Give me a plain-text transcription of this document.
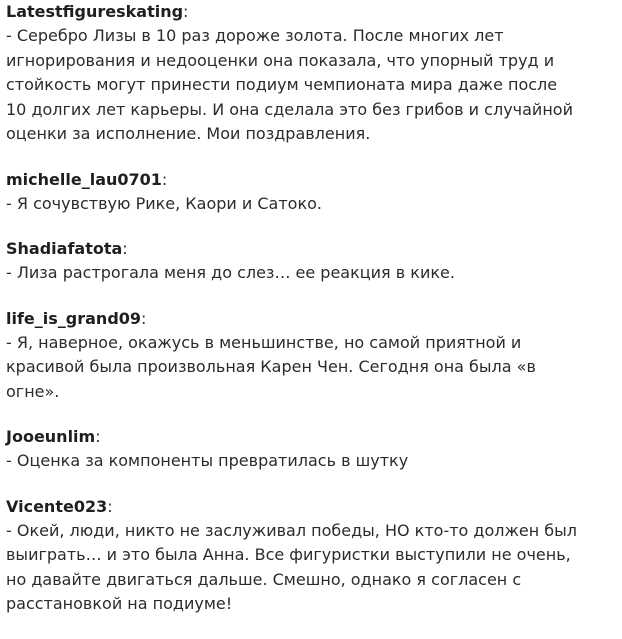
Latestfigureskating:

- Серебро Лизы в 10 раз дороже золота. После многих лет
игнорирования и недооценки она показала, что упорный труд и
стойкость могут принести подиум чемпионата мира даже после
10 долгих лет карьеры. И она сделала это без грибов и случайной
оценки за исполнение. Мои поздравления.

michelle_lau0701:

- Я сочувствую Рике, Каори и Сатоко.

Shadiafatota:

- Лиза растрогала меня до слез… ее реакция в кике.

life_is_grand09:

- Я, наверное, окажусь в меньшинстве, но самой приятной и
красивой была произвольная Карен Чен. Сегодня она была «в
огне».

Jooeunlim:

- Оценка за компоненты превратилась в шутку

Vicente023:

- Окей, люди, никто не заслуживал победы, НО кто-то должен был
выиграть… и это была Анна. Все фигуристки выступили не очень,
но давайте двигаться дальше. Смешно, однако я согласен с
расстановкой на подиуме!
